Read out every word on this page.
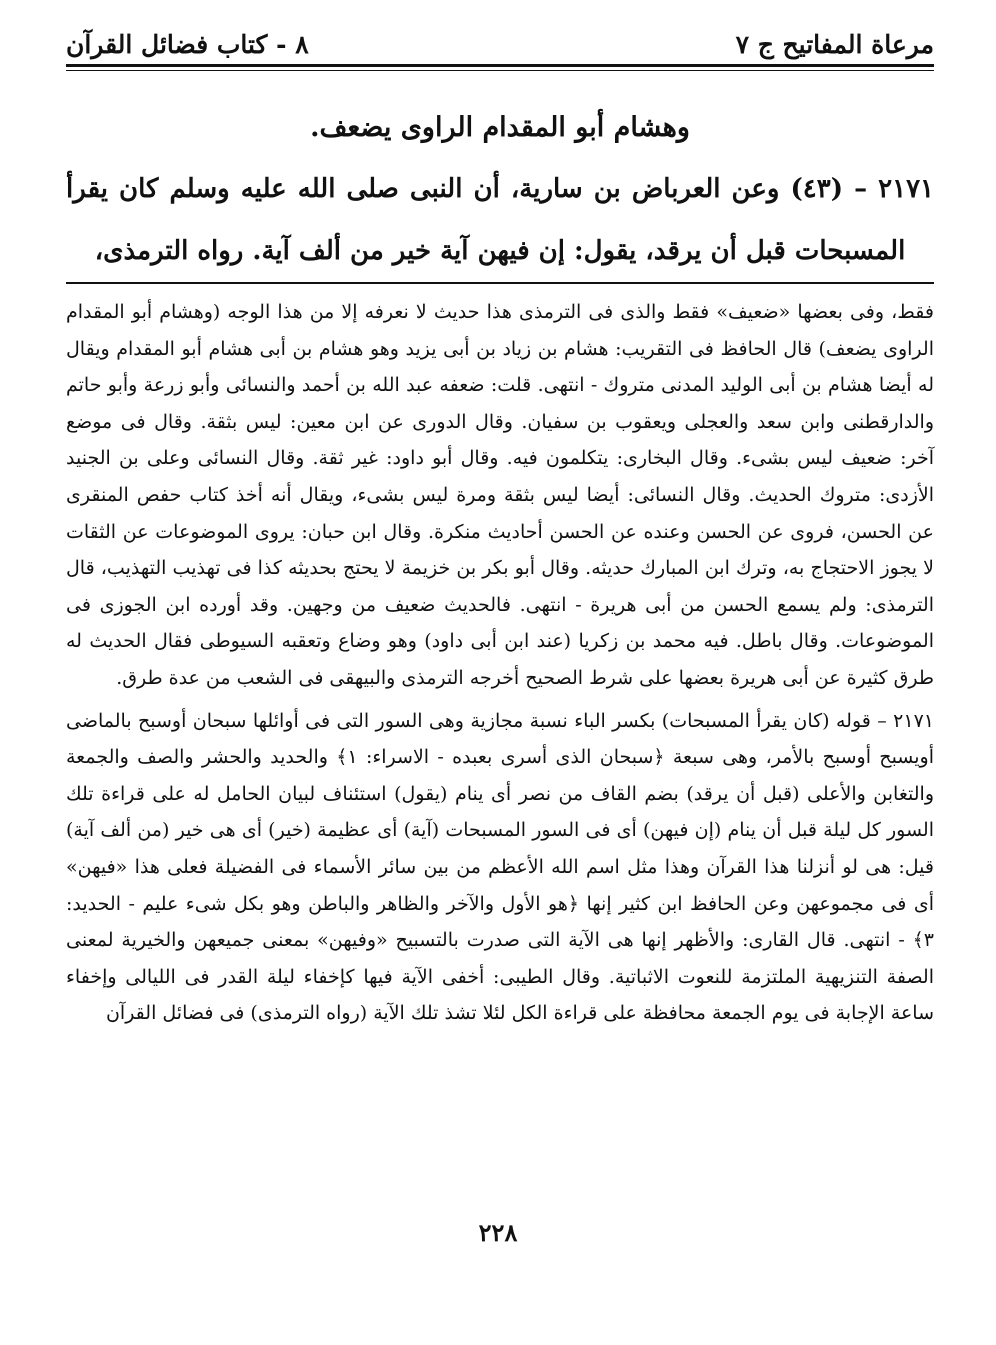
مرعاة المفاتيح ج ٧
٨ - كتاب فضائل القرآن
وهشام أبو المقدام الراوى يضعف.
٢١٧١ – (٤٣) وعن العرباض بن سارية، أن النبى صلى الله عليه وسلم كان يقرأ المسبحات قبل أن يرقد، يقول: إن فيهن آية خير من ألف آية. رواه الترمذى،

فقط، وفى بعضها «ضعيف» فقط والذى فى الترمذى هذا حديث لا نعرفه إلا من هذا الوجه (وهشام أبو المقدام الراوى يضعف) قال الحافظ فى التقريب: هشام بن زياد بن أبى يزيد وهو هشام بن أبى هشام أبو المقدام ويقال له أيضا هشام بن أبى الوليد المدنى متروك - انتهى. قلت: ضعفه عبد الله بن أحمد والنسائى وأبو زرعة وأبو حاتم والدارقطنى وابن سعد والعجلى ويعقوب بن سفيان. وقال الدورى عن ابن معين: ليس بثقة. وقال فى موضع آخر: ضعيف ليس بشىء. وقال البخارى: يتكلمون فيه. وقال أبو داود: غير ثقة. وقال النسائى وعلى بن الجنيد الأزدى: متروك الحديث. وقال النسائى: أيضا ليس بثقة ومرة ليس بشىء، ويقال أنه أخذ كتاب حفص المنقرى عن الحسن، فروى عن الحسن وعنده عن الحسن أحاديث منكرة. وقال ابن حبان: يروى الموضوعات عن الثقات لا يجوز الاحتجاج به، وترك ابن المبارك حديثه. وقال أبو بكر بن خزيمة لا يحتج بحديثه كذا فى تهذيب التهذيب، قال الترمذى: ولم يسمع الحسن من أبى هريرة - انتهى. فالحديث ضعيف من وجهين. وقد أورده ابن الجوزى فى الموضوعات. وقال باطل. فيه محمد بن زكريا (عند ابن أبى داود) وهو وضاع وتعقبه السيوطى فقال الحديث له طرق كثيرة عن أبى هريرة بعضها على شرط الصحيح أخرجه الترمذى والبيهقى فى الشعب من عدة طرق.

٢١٧١ – قوله (كان يقرأ المسبحات) بكسر الباء نسبة مجازية وهى السور التى فى أوائلها سبحان أوسبح بالماضى أويسبح أوسبح بالأمر، وهى سبعة ﴿سبحان الذى أسرى بعبده - الاسراء: ١﴾ والحديد والحشر والصف والجمعة والتغابن والأعلى (قبل أن يرقد) بضم القاف من نصر أى ينام (يقول) استئناف لبيان الحامل له على قراءة تلك السور كل ليلة قبل أن ينام (إن فيهن) أى فى السور المسبحات (آية) أى عظيمة (خير) أى هى خير (من ألف آية) قيل: هى لو أنزلنا هذا القرآن وهذا مثل اسم الله الأعظم من بين سائر الأسماء فى الفضيلة فعلى هذا «فيهن» أى فى مجموعهن وعن الحافظ ابن كثير إنها ﴿هو الأول والآخر والظاهر والباطن وهو بكل شىء عليم - الحديد: ٣﴾ - انتهى. قال القارى: والأظهر إنها هى الآية التى صدرت بالتسبيح «وفيهن» بمعنى جميعهن والخيرية لمعنى الصفة التنزيهية الملتزمة للنعوت الاثباتية. وقال الطيبى: أخفى الآية فيها كإخفاء ليلة القدر فى الليالى وإخفاء ساعة الإجابة فى يوم الجمعة محافظة على قراءة الكل لئلا تشذ تلك الآية (رواه الترمذى) فى فضائل القرآن

٢٢٨
